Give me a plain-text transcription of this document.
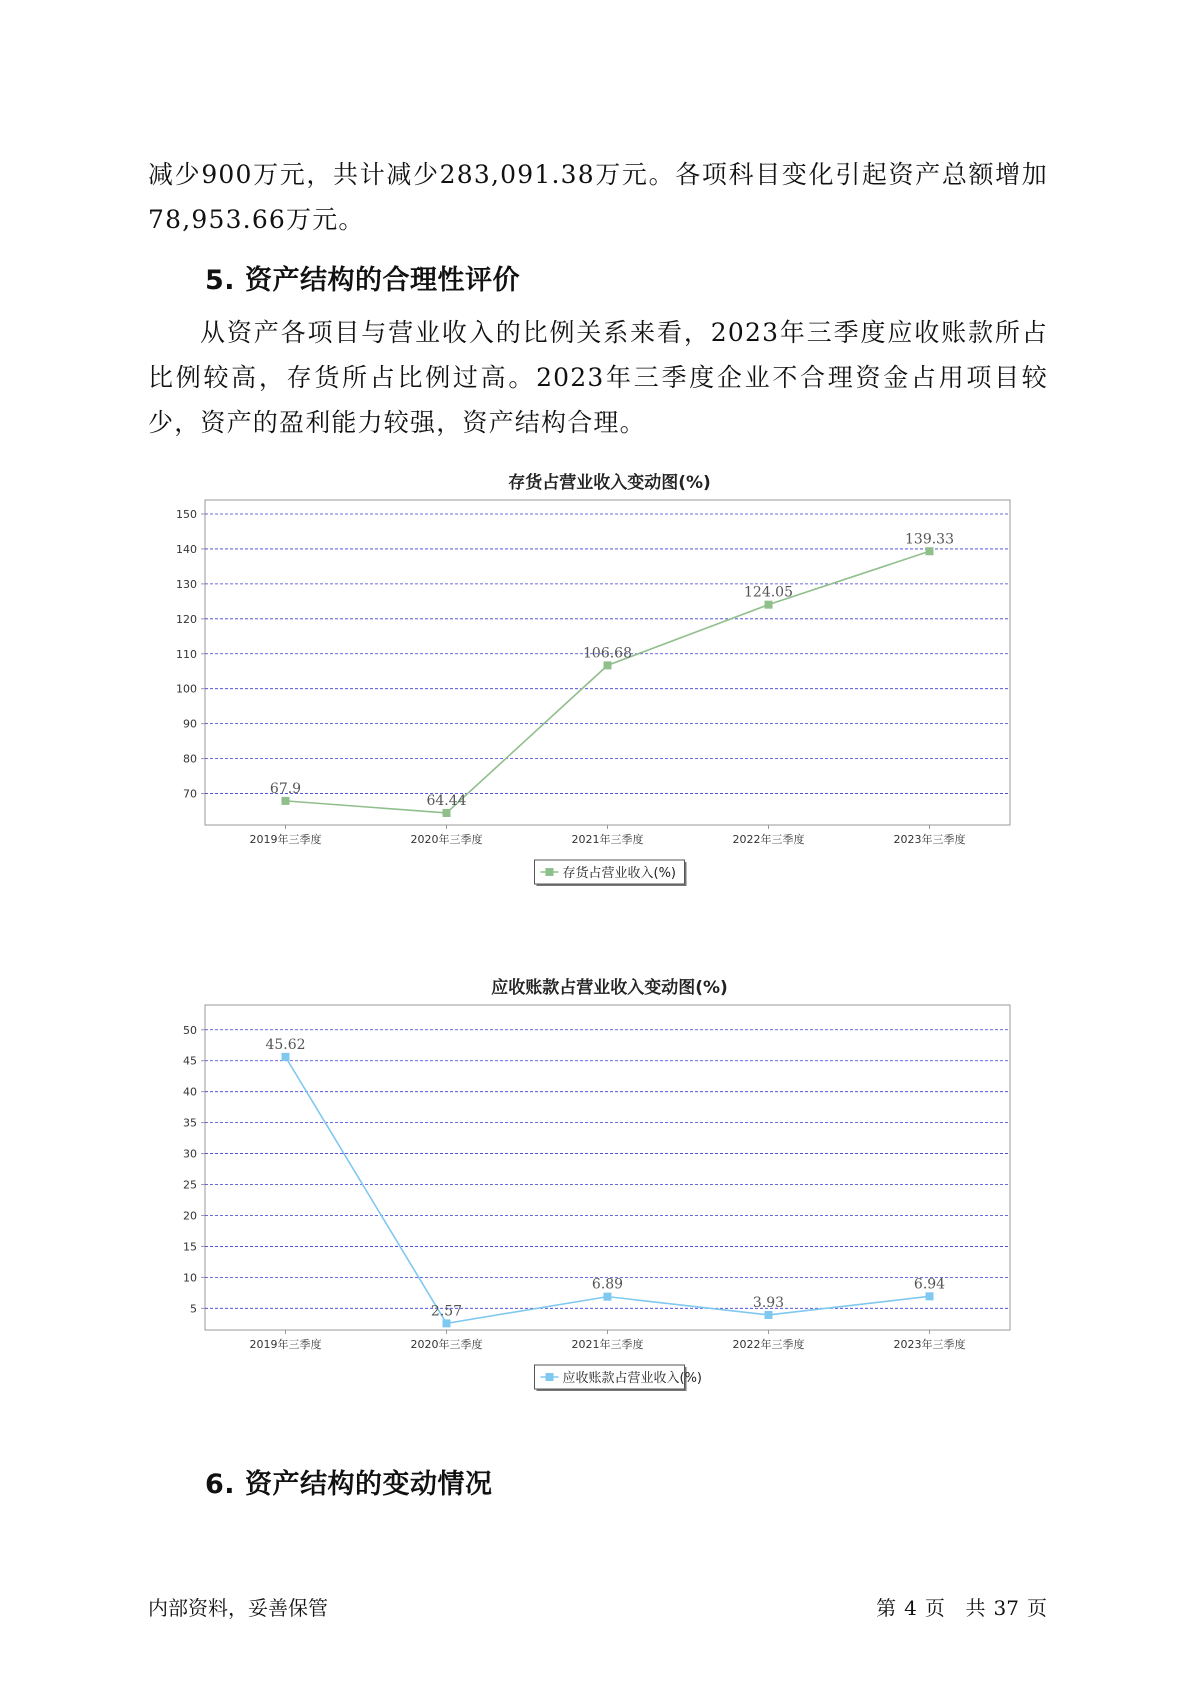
减少900万元，共计减少283,091.38万元。各项科目变化引起资产总额增加78,953.66万元。

5. 资产结构的合理性评价

从资产各项目与营业收入的比例关系来看，2023年三季度应收账款所占比例较高，存货所占比例过高。2023年三季度企业不合理资金占用项目较少，资产的盈利能力较强，资产结构合理。

存货占营业收入变动图(%)
70
80
90
100
110
120
130
140
150
2019年三季度	2020年三季度	2021年三季度	2022年三季度	2023年三季度
67.9
64.44
106.68
124.05
139.33
存货占营业收入(%)
应收账款占营业收入变动图(%)
5
10
15
20
25
30
35
40
45
50
2019年三季度	2020年三季度	2021年三季度	2022年三季度	2023年三季度
45.62
2.57
6.89
3.93
6.94
应收账款占营业收入(%)
6. 资产结构的变动情况
内部资料，妥善保管	第 4 页 共 37 页
